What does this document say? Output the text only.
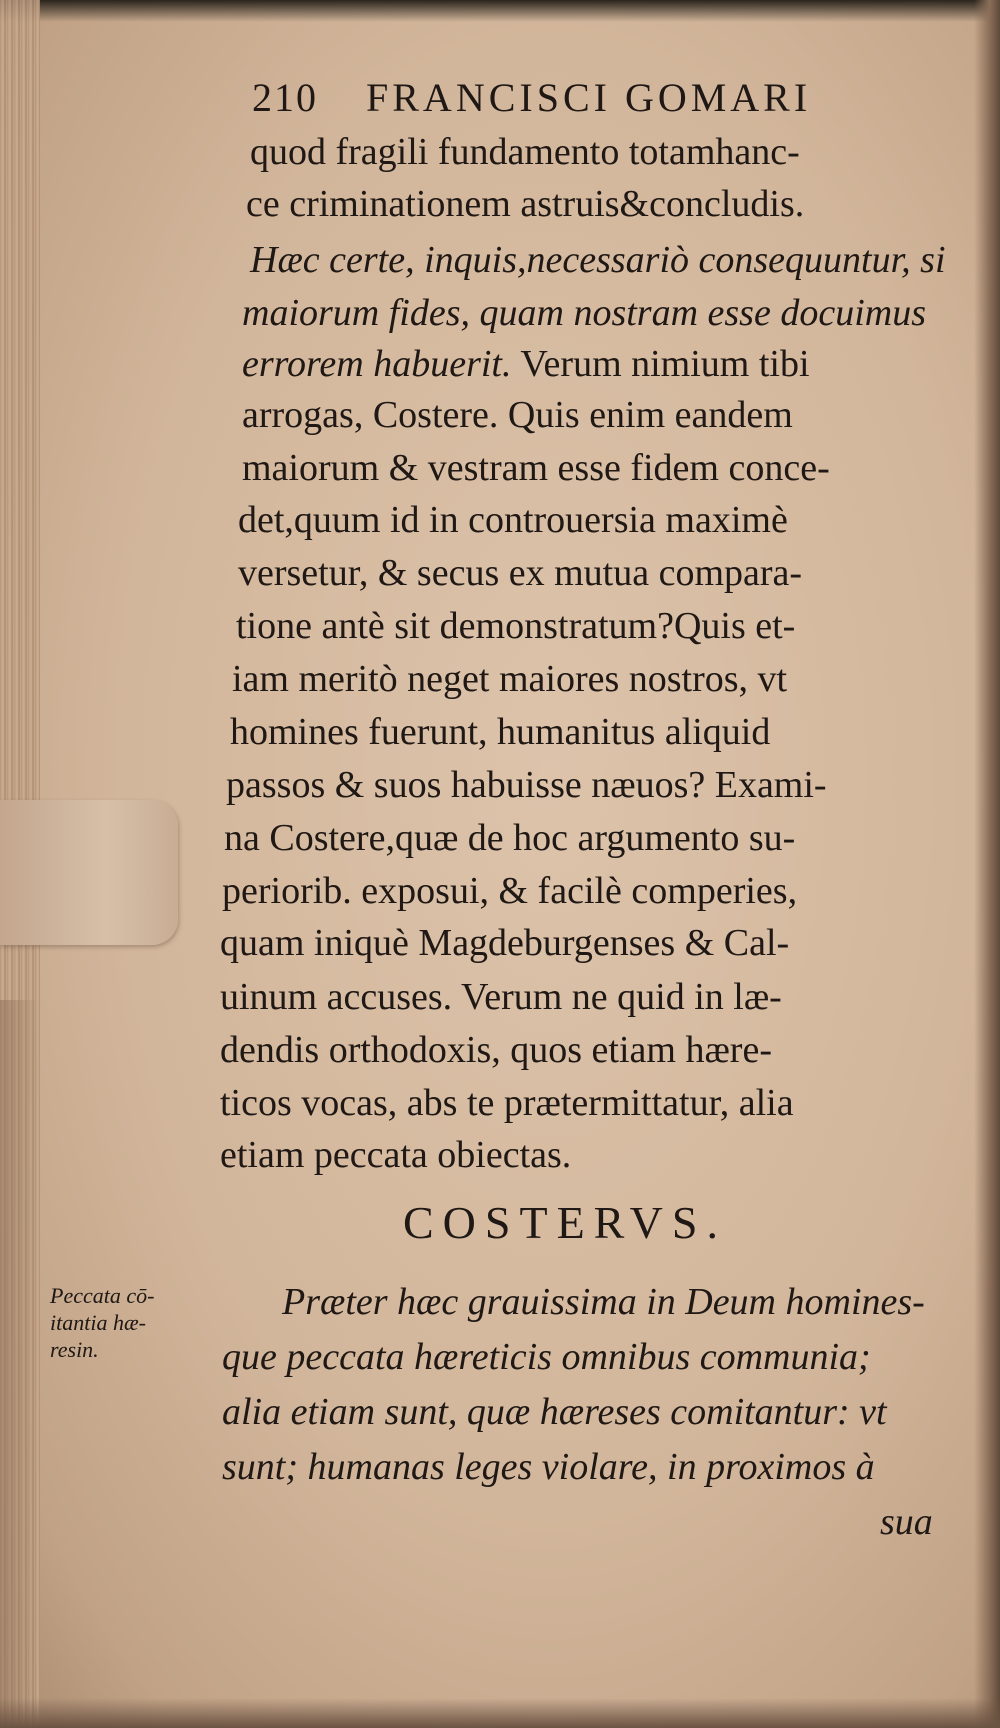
210 FRANCISCI GOMARI
quod fragili fundamento totamhanc-
ce criminationem astruis&concludis.
Hæc certe, inquis,necessariò consequuntur, si
maiorum fides, quam nostram esse docuimus
errorem habuerit. Verum nimium tibi
arrogas, Costere. Quis enim eandem
maiorum & vestram esse fidem conce-
det,quum id in controuersia maximè
versetur, & secus ex mutua compara-
tione antè sit demonstratum?Quis et-
iam meritò neget maiores nostros, vt
homines fuerunt, humanitus aliquid
passos & suos habuisse næuos? Exami-
na Costere,quæ de hoc argumento su-
periorib. exposui, & facilè comperies,
quam iniquè Magdeburgenses & Cal-
uinum accuses. Verum ne quid in læ-
dendis orthodoxis, quos etiam hære-
ticos vocas, abs te prætermittatur, alia
etiam peccata obiectas.
COSTERVS.
Peccata cō-
itantia hæ-
resin.
Præter hæc grauissima in Deum homines-
que peccata hæreticis omnibus communia;
alia etiam sunt, quæ hæreses comitantur: vt
sunt; humanas leges violare, in proximos à
sua
